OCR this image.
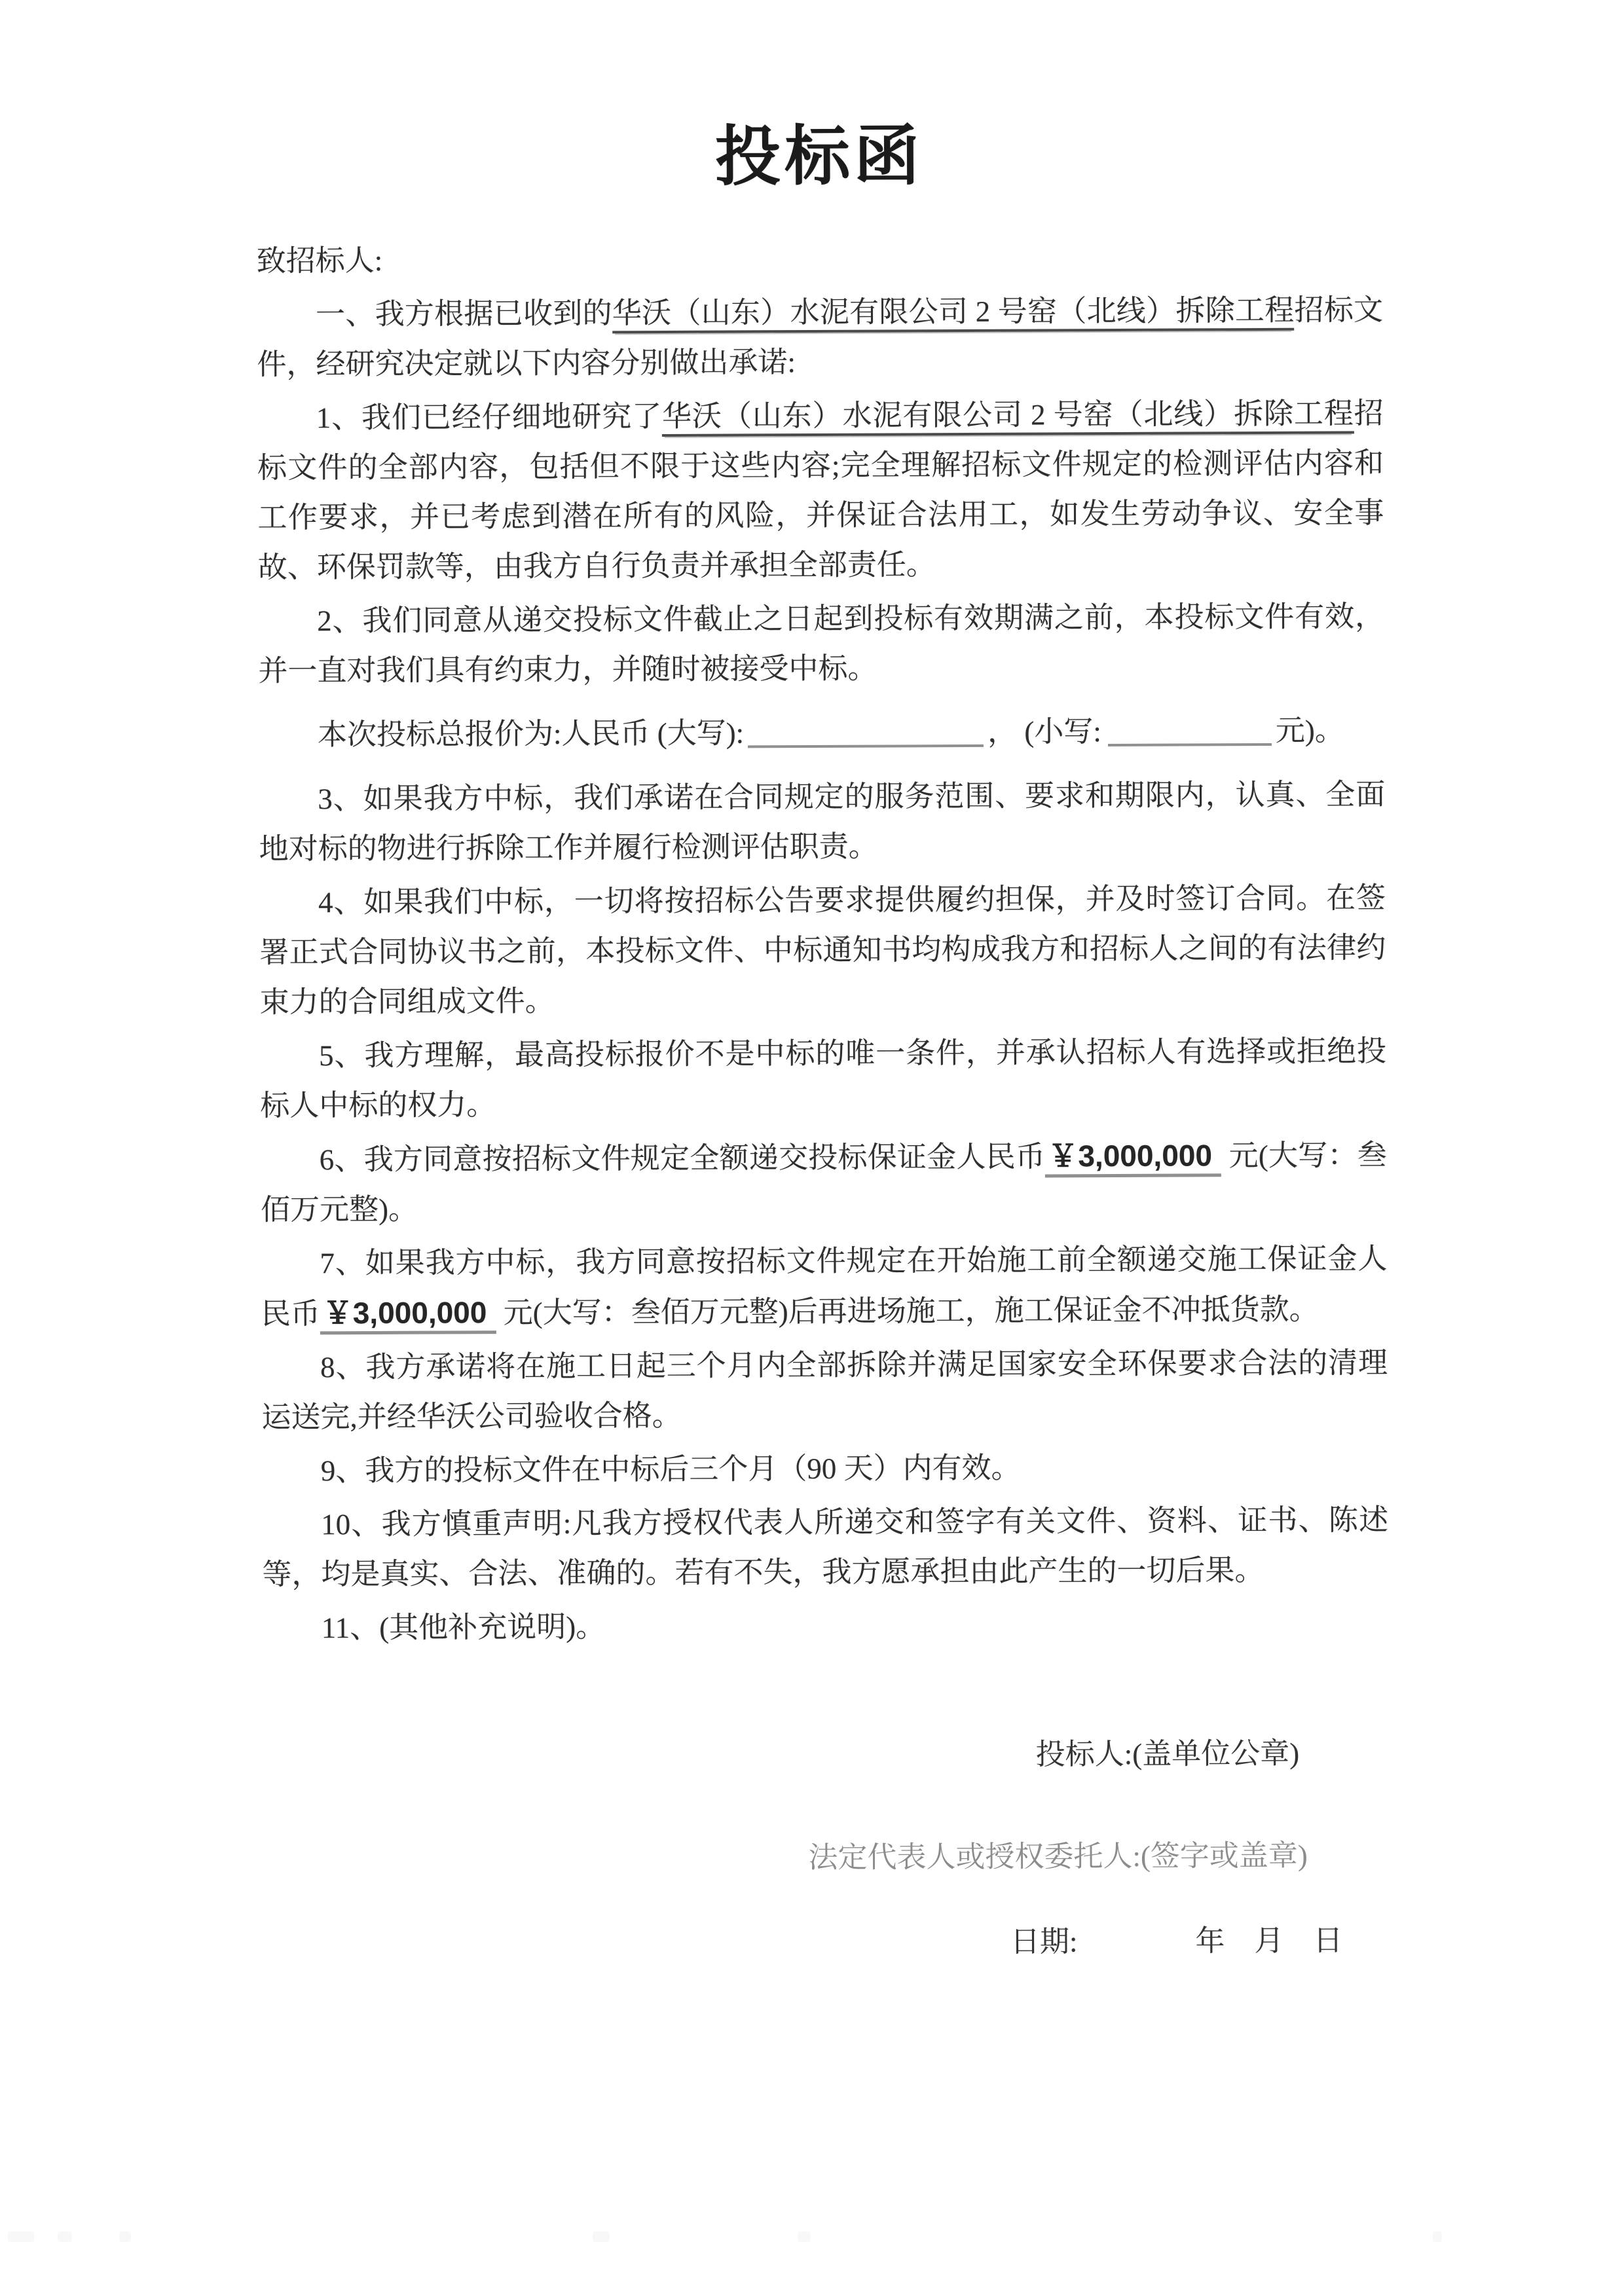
投标函

致招标人:

一、我方根据已收到的华沃（山东）水泥有限公司 2 号窑（北线）拆除工程招标文件，经研究决定就以下内容分别做出承诺:

1、我们已经仔细地研究了华沃（山东）水泥有限公司 2 号窑（北线）拆除工程招标文件的全部内容，包括但不限于这些内容;完全理解招标文件规定的检测评估内容和工作要求，并已考虑到潜在所有的风险，并保证合法用工，如发生劳动争议、安全事故、环保罚款等，由我方自行负责并承担全部责任。

2、我们同意从递交投标文件截止之日起到投标有效期满之前，本投标文件有效，并一直对我们具有约束力，并随时被接受中标。

本次投标总报价为:人民币 (大写):	， (小写:	元)。

3、如果我方中标，我们承诺在合同规定的服务范围、要求和期限内，认真、全面地对标的物进行拆除工作并履行检测评估职责。

4、如果我们中标，一切将按招标公告要求提供履约担保，并及时签订合同。在签署正式合同协议书之前，本投标文件、中标通知书均构成我方和招标人之间的有法律约束力的合同组成文件。

5、我方理解，最高投标报价不是中标的唯一条件，并承认招标人有选择或拒绝投标人中标的权力。

6、我方同意按招标文件规定全额递交投标保证金人民币￥3,000,000 元(大写：叁佰万元整)。

7、如果我方中标，我方同意按招标文件规定在开始施工前全额递交施工保证金人民币￥3,000,000 元(大写：叁佰万元整)后再进场施工，施工保证金不冲抵货款。

8、我方承诺将在施工日起三个月内全部拆除并满足国家安全环保要求合法的清理运送完,并经华沃公司验收合格。

9、我方的投标文件在中标后三个月（90 天）内有效。

10、我方慎重声明:凡我方授权代表人所递交和签字有关文件、资料、证书、陈述等，均是真实、合法、准确的。若有不失，我方愿承担由此产生的一切后果。

11、(其他补充说明)。

投标人:(盖单位公章)
法定代表人或授权委托人:(签字或盖章)
日期:　　　　年　月　日
